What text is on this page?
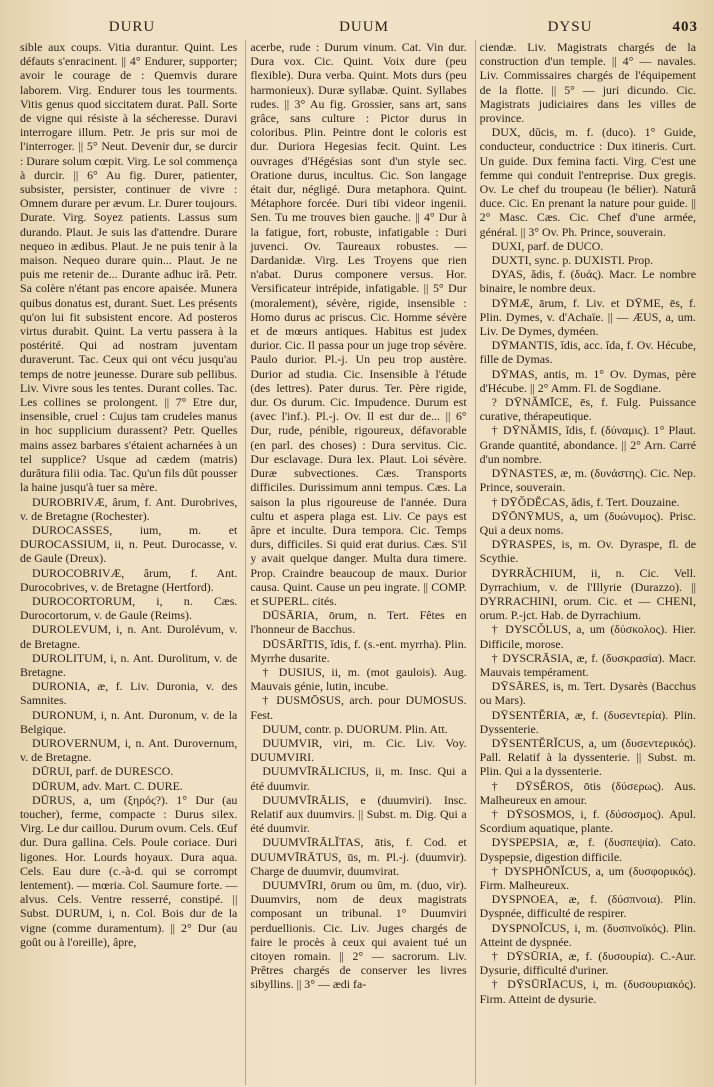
DURU	DUUM	DYSU	403

sible aux coups. Vitia durantur. Quint. Les défauts s'enracinent. || 4° Endurer, supporter; avoir le courage de : Quemvis durare laborem. Virg. Endurer tous les tourments. Vitis genus quod siccitatem durat. Pall. Sorte de vigne qui résiste à la sécheresse. Duravi interrogare illum. Petr. Je pris sur moi de l'interroger. || 5° Neut. Devenir dur, se durcir : Durare solum cœpit. Virg. Le sol commença à durcir. || 6° Au fig. Durer, patienter, subsister, persister, continuer de vivre : Omnem durare per ævum. Lr. Durer toujours. Durate. Virg. Soyez patients. Lassus sum durando. Plaut. Je suis las d'attendre. Durare nequeo in ædibus. Plaut. Je ne puis tenir à la maison. Nequeo durare quin... Plaut. Je ne puis me retenir de... Durante adhuc irâ. Petr. Sa colère n'étant pas encore apaisée. Munera quibus donatus est, durant. Suet. Les présents qu'on lui fit subsistent encore. Ad posteros virtus durabit. Quint. La vertu passera à la postérité. Qui ad nostram juventam duraverunt. Tac. Ceux qui ont vécu jusqu'au temps de notre jeunesse. Durare sub pellibus. Liv. Vivre sous les tentes. Durant colles. Tac. Les collines se prolongent. || 7° Etre dur, insensible, cruel : Cujus tam crudeles manus in hoc supplicium durassent? Petr. Quelles mains assez barbares s'étaient acharnées à un tel supplice? Usque ad cædem (matris) durâtura filii odia. Tac. Qu'un fils dût pousser la haine jusqu'à tuer sa mère.

DUROBRIVÆ, ârum, f. Ant. Durobrives, v. de Bretagne (Rochester).

DUROCASSES, ium, m. et DUROCASSIUM, ii, n. Peut. Durocasse, v. de Gaule (Dreux).

DUROCOBRIVÆ, ârum, f. Ant. Durocobrives, v. de Bretagne (Hertford).

DUROCORTORUM, i, n. Cæs. Durocortorum, v. de Gaule (Reims).

DUROLEVUM, i, n. Ant. Durolévum, v. de Bretagne.

DUROLITUM, i, n. Ant. Durolitum, v. de Bretagne.

DURONIA, æ, f. Liv. Duronia, v. des Samnites.

DURONUM, i, n. Ant. Duronum, v. de la Belgique.

DUROVERNUM, i, n. Ant. Durovernum, v. de Bretagne.

DŪRUI, parf. de DURESCO.

DŪRUM, adv. Mart. C. DURE.

DŪRUS, a, um (ξηρός?). 1° Dur (au toucher), ferme, compacte : Durus silex. Virg. Le dur caillou. Durum ovum. Cels. Œuf dur. Dura gallina. Cels. Poule coriace. Duri ligones. Hor. Lourds hoyaux. Dura aqua. Cels. Eau dure (c.-à-d. qui se corrompt lentement). — mœria. Col. Saumure forte. — alvus. Cels. Ventre resserré, constipé. || Subst. DURUM, i, n. Col. Bois dur de la vigne (comme duramentum). || 2° Dur (au goût ou à l'oreille), âpre,

acerbe, rude : Durum vinum. Cat. Vin dur. Dura vox. Cic. Quint. Voix dure (peu flexible). Dura verba. Quint. Mots durs (peu harmonieux). Duræ syllabæ. Quint. Syllabes rudes. || 3° Au fig. Grossier, sans art, sans grâce, sans culture : Pictor durus in coloribus. Plin. Peintre dont le coloris est dur. Duriora Hegesias fecit. Quint. Les ouvrages d'Hégésias sont d'un style sec. Oratione durus, incultus. Cic. Son langage était dur, négligé. Dura metaphora. Quint. Métaphore forcée. Duri tibi videor ingenii. Sen. Tu me trouves bien gauche. || 4° Dur à la fatigue, fort, robuste, infatigable : Duri juvenci. Ov. Taureaux robustes. — Dardanidæ. Virg. Les Troyens que rien n'abat. Durus componere versus. Hor. Versificateur intrépide, infatigable. || 5° Dur (moralement), sévère, rigide, insensible : Homo durus ac priscus. Cic. Homme sévère et de mœurs antiques. Habitus est judex durior. Cic. Il passa pour un juge trop sévère. Paulo durior. Pl.-j. Un peu trop austère. Durior ad studia. Cic. Insensible à l'étude (des lettres). Pater durus. Ter. Père rigide, dur. Os durum. Cic. Impudence. Durum est (avec l'inf.). Pl.-j. Ov. Il est dur de... || 6° Dur, rude, pénible, rigoureux, défavorable (en parl. des choses) : Dura servitus. Cic. Dur esclavage. Dura lex. Plaut. Loi sévère. Duræ subvectiones. Cæs. Transports difficiles. Durissimum anni tempus. Cæs. La saison la plus rigoureuse de l'année. Dura cultu et aspera plaga est. Liv. Ce pays est âpre et inculte. Dura tempora. Cic. Temps durs, difficiles. Si quid erat durius. Cæs. S'il y avait quelque danger. Multa dura timere. Prop. Craindre beaucoup de maux. Durior causa. Quint. Cause un peu ingrate. || COMP. et SUPERL. cités.

DŪSĀRIA, ōrum, n. Tert. Fêtes en l'honneur de Bacchus.

DŪSĀRĪTIS, ĭdis, f. (s.-ent. myrrha). Plin. Myrrhe dusarite.

† DUSIUS, ii, m. (mot gaulois). Aug. Mauvais génie, lutin, incube.

† DUSMŌSUS, arch. pour DUMOSUS. Fest.

DUUM, contr. p. DUORUM. Plin. Att.

DUUMVIR, viri, m. Cic. Liv. Voy. DUUMVIRI.

DUUMVĪRĀLICIUS, ii, m. Insc. Qui a été duumvir.

DUUMVĪRĀLIS, e (duumviri). Insc. Relatif aux duumvirs. || Subst. m. Dig. Qui a été duumvir.

DUUMVĪRĀLĬTAS, ātis, f. Cod. et DUUMVĪRĀTUS, ūs, m. Pl.-j. (duumvir). Charge de duumvir, duumvirat.

DUUMVĪRI, ōrum ou ûm, m. (duo, vir). Duumvirs, nom de deux magistrats composant un tribunal. 1° Duumviri perduellionis. Cic. Liv. Juges chargés de faire le procès à ceux qui avaient tué un citoyen romain. || 2° — sacrorum. Liv. Prêtres chargés de conserver les livres sibyllins. || 3° — ædi fa-

ciendæ. Liv. Magistrats chargés de la construction d'un temple. || 4° — navales. Liv. Commissaires chargés de l'équipement de la flotte. || 5° — juri dicundo. Cic. Magistrats judiciaires dans les villes de province.

DUX, dŭcis, m. f. (duco). 1° Guide, conducteur, conductrice : Dux itineris. Curt. Un guide. Dux femina facti. Virg. C'est une femme qui conduit l'entreprise. Dux gregis. Ov. Le chef du troupeau (le bélier). Naturâ duce. Cic. En prenant la nature pour guide. || 2° Masc. Cæs. Cic. Chef d'une armée, général. || 3° Ov. Ph. Prince, souverain.

DUXI, parf. de DUCO.

DUXTI, sync. p. DUXISTI. Prop.

DYAS, ădis, f. (δυάς). Macr. Le nombre binaire, le nombre deux.

DȲMÆ, ārum, f. Liv. et DȲME, ēs, f. Plin. Dymes, v. d'Achaïe. || — ÆUS, a, um. Liv. De Dymes, dyméen.

DȲMANTIS, ĭdis, acc. ĭda, f. Ov. Hécube, fille de Dymas.

DȲMAS, antis, m. 1° Ov. Dymas, père d'Hécube. || 2° Amm. Fl. de Sogdiane.

? DȲNĂMĪCE, ēs, f. Fulg. Puissance curative, thérapeutique.

† DȲNĂMIS, ĭdis, f. (δύναμις). 1° Plaut. Grande quantité, abondance. || 2° Arn. Carré d'un nombre.

DȲNASTES, æ, m. (δυνάστης). Cic. Nep. Prince, souverain.

† DȲŎDĔCAS, ădis, f. Tert. Douzaine.

DȲŌNȲMUS, a, um (δυώνυμος). Prisc. Qui a deux noms.

DȲRASPES, is, m. Ov. Dyraspe, fl. de Scythie.

DYRRĂCHIUM, ii, n. Cic. Vell. Dyrrachium, v. de l'Illyrie (Durazzo). || DYRRACHINI, orum. Cic. et — CHENI, orum. P.-jct. Hab. de Dyrrachium.

† DYSCŎLUS, a, um (δύσκολος). Hier. Difficile, morose.

† DYSCRĀSIA, æ, f. (δυσκρασία). Macr. Mauvais tempérament.

DȲSĀRES, is, m. Tert. Dysarès (Bacchus ou Mars).

DȲSENTĔRIA, æ, f. (δυσεντερία). Plin. Dyssenterie.

DȲSENTĔRĬCUS, a, um (δυσεντερικός). Pall. Relatif à la dyssenterie. || Subst. m. Plin. Qui a la dyssenterie.

† DȲSĔROS, ōtis (δύσερως). Aus. Malheureux en amour.

† DȲSOSMOS, i, f. (δύσοσμος). Apul. Scordium aquatique, plante.

DYSPEPSIA, æ, f. (δυσπεψία). Cato. Dyspepsie, digestion difficile.

† DYSPHŌNĬCUS, a, um (δυσφορικός). Firm. Malheureux.

DYSPNOEA, æ, f. (δύσπνοια). Plin. Dyspnée, difficulté de respirer.

DYSPNOĬCUS, i, m. (δυσπνοϊκός). Plin. Atteint de dyspnée.

† DȲSŪRIA, æ, f. (δυσουρία). C.-Aur. Dysurie, difficulté d'uriner.

† DȲSŪRĬACUS, i, m. (δυσουριακός). Firm. Atteint de dysurie.
